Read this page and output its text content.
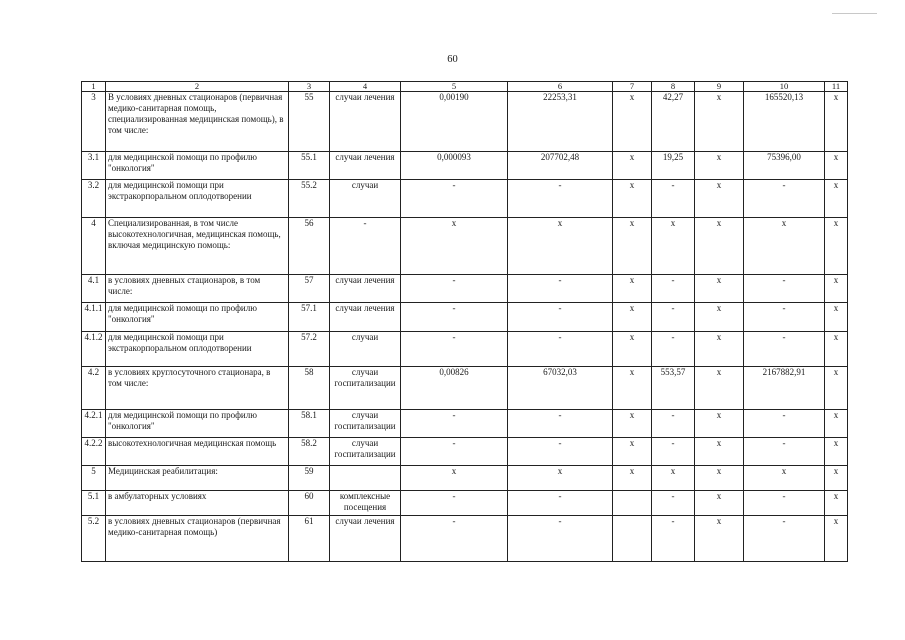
60
1	2	3	4	5	6	7	8	9	10	11
3	В условиях дневных стационаров (первичная медико-санитарная помощь, специализированная медицинская помощь), в том числе:	55	случаи лечения	0,00190	22253,31	х	42,27	х	165520,13	х
3.1	для медицинской помощи по профилю "онкология"	55.1	случаи лечения	0,000093	207702,48	х	19,25	х	75396,00	х
3.2	для медицинской помощи при экстракорпоральном оплодотворении	55.2	случаи	-	-	х	-	х	-	х
4	Специализированная, в том числе высокотехнологичная, медицинская помощь, включая медицинскую помощь:	56	-	х	х	х	х	х	х	х
4.1	в условиях дневных стационаров, в том числе:	57	случаи лечения	-	-	х	-	х	-	х
4.1.1	для медицинской помощи по профилю "онкология"	57.1	случаи лечения	-	-	х	-	х	-	х
4.1.2	для медицинской помощи при экстракорпоральном оплодотворении	57.2	случаи	-	-	х	-	х	-	х
4.2	в условиях круглосуточного стационара, в том числе:	58	случаи госпитализации	0,00826	67032,03	х	553,57	х	2167882,91	х
4.2.1	для медицинской помощи по профилю "онкология"	58.1	случаи госпитализации	-	-	х	-	х	-	х
4.2.2	высокотехнологичная медицинская помощь	58.2	случаи госпитализации	-	-	х	-	х	-	х
5	Медицинская реабилитация:	59		х	х	х	х	х	х	х
5.1	в амбулаторных условиях	60	комплексные посещения	-	-		-	х	-	х
5.2	в условиях дневных стационаров (первичная медико-санитарная помощь)	61	случаи лечения	-	-		-	х	-	х
